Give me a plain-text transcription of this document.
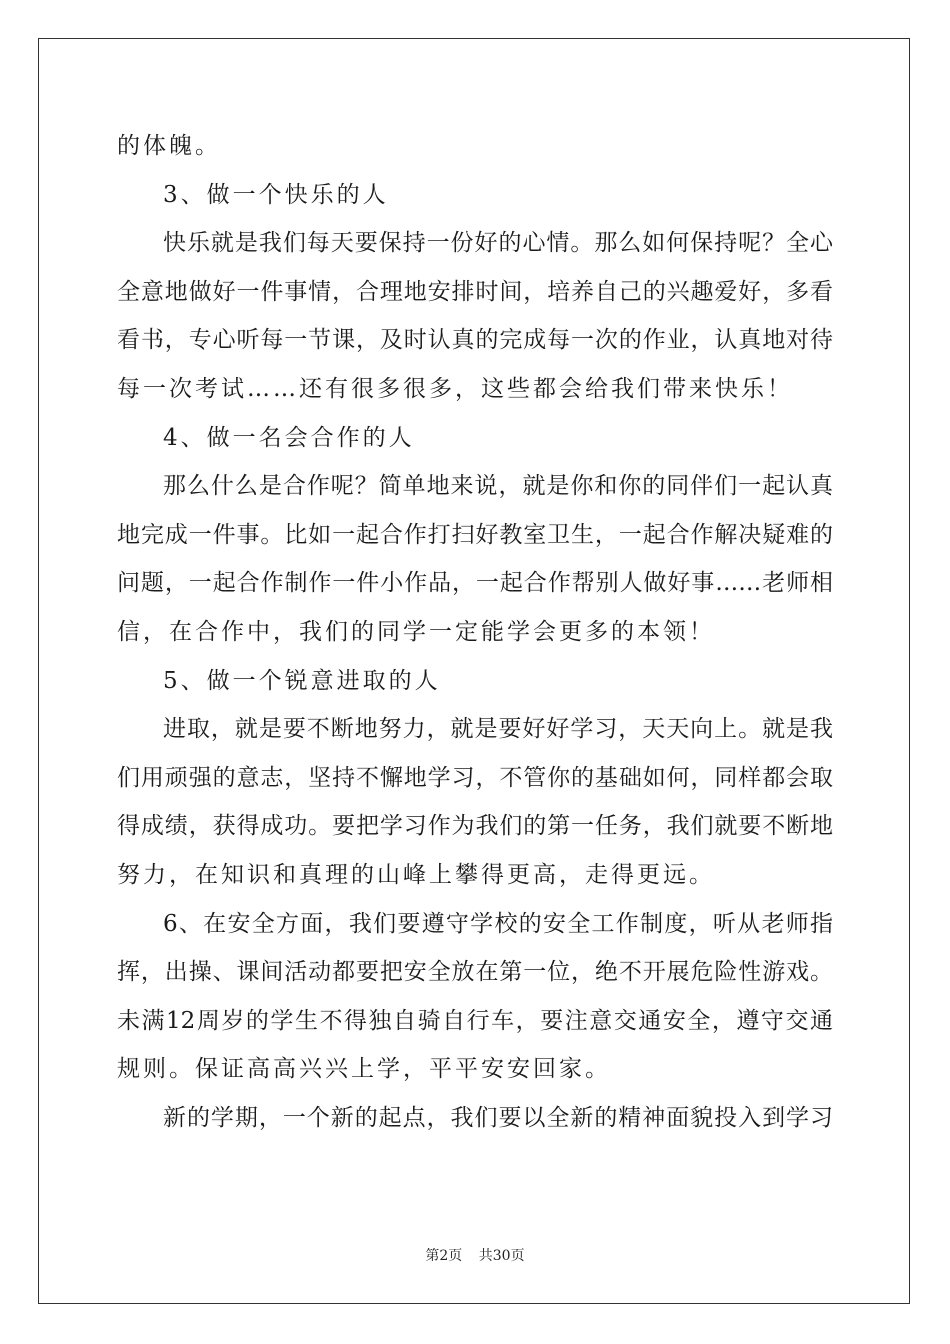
的体魄。
3、做一个快乐的人
快乐就是我们每天要保持一份好的心情。那么如何保持呢？全心
全意地做好一件事情，合理地安排时间，培养自己的兴趣爱好，多看
看书，专心听每一节课，及时认真的完成每一次的作业，认真地对待
每一次考试……还有很多很多，这些都会给我们带来快乐！
4、做一名会合作的人
那么什么是合作呢？简单地来说，就是你和你的同伴们一起认真
地完成一件事。比如一起合作打扫好教室卫生，一起合作解决疑难的
问题，一起合作制作一件小作品，一起合作帮别人做好事……老师相
信，在合作中，我们的同学一定能学会更多的本领！
5、做一个锐意进取的人
进取，就是要不断地努力，就是要好好学习，天天向上。就是我
们用顽强的意志，坚持不懈地学习，不管你的基础如何，同样都会取
得成绩，获得成功。要把学习作为我们的第一任务，我们就要不断地
努力，在知识和真理的山峰上攀得更高，走得更远。
6、在安全方面，我们要遵守学校的安全工作制度，听从老师指
挥，出操、课间活动都要把安全放在第一位，绝不开展危险性游戏。
未满12周岁的学生不得独自骑自行车，要注意交通安全，遵守交通
规则。保证高高兴兴上学，平平安安回家。
新的学期，一个新的起点，我们要以全新的精神面貌投入到学习
第2页 共30页
